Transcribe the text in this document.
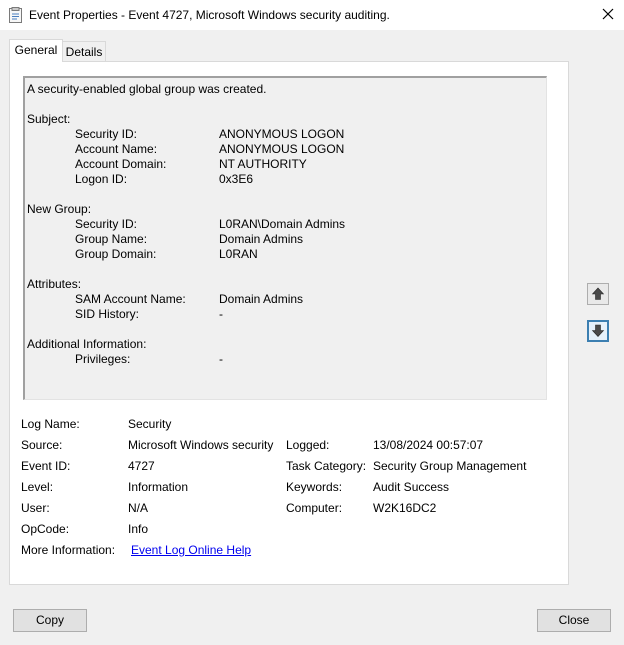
Event Properties - Event 4727, Microsoft Windows security auditing.
General Details
A security-enabled global group was created.
Subject:
Security ID:	ANONYMOUS LOGON
Account Name:	ANONYMOUS LOGON
Account Domain:	NT AUTHORITY
Logon ID:	0x3E6
New Group:
Security ID:	L0RAN\Domain Admins
Group Name:	Domain Admins
Group Domain:	L0RAN
Attributes:
SAM Account Name:	Domain Admins
SID History:	-
Additional Information:
Privileges:	-
Log Name:	Security
Source:	Microsoft Windows security Logged:	13/08/2024 00:57:07
Event ID:	4727	Task Category: Security Group Management
Level:	Information	Keywords:	Audit Success
User:	N/A	Computer:	W2K16DC2
OpCode:	Info
More Information: Event Log Online Help
Copy	Close
